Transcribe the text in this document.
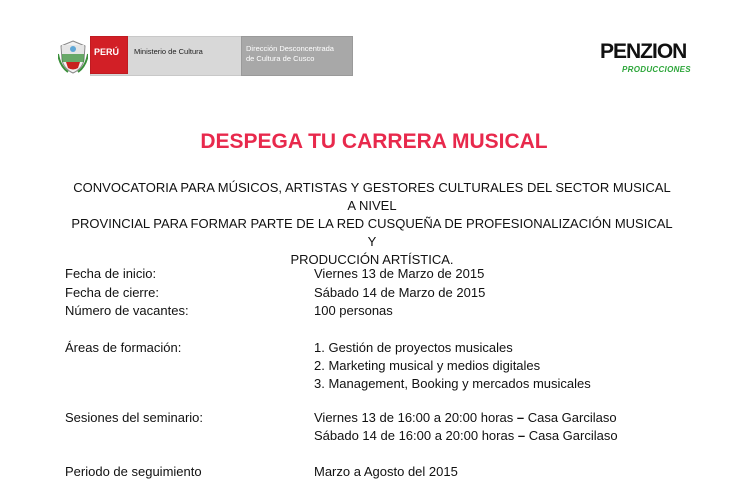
PERÚ Ministerio de Cultura	Dirección Desconcentrada
de Cultura de Cusco	PENZION
PRODUCCIONES
DESPEGA TU CARRERA MUSICAL
CONVOCATORIA PARA MÚSICOS, ARTISTAS Y GESTORES CULTURALES DEL SECTOR MUSICAL A NIVEL
PROVINCIAL PARA FORMAR PARTE DE LA RED CUSQUEÑA DE PROFESIONALIZACIÓN MUSICAL Y
PRODUCCIÓN ARTÍSTICA.
Fecha de inicio:	Viernes 13 de Marzo de 2015
Fecha de cierre:	Sábado 14 de Marzo de 2015
Número de vacantes:	100 personas
Áreas de formación:	1. Gestión de proyectos musicales
2. Marketing musical y medios digitales
3. Management, Booking y mercados musicales
Sesiones del seminario:	Viernes 13 de 16:00 a 20:00 horas – Casa Garcilaso
Sábado 14 de 16:00 a 20:00 horas – Casa Garcilaso
Periodo de seguimiento	Marzo a Agosto del 2015
